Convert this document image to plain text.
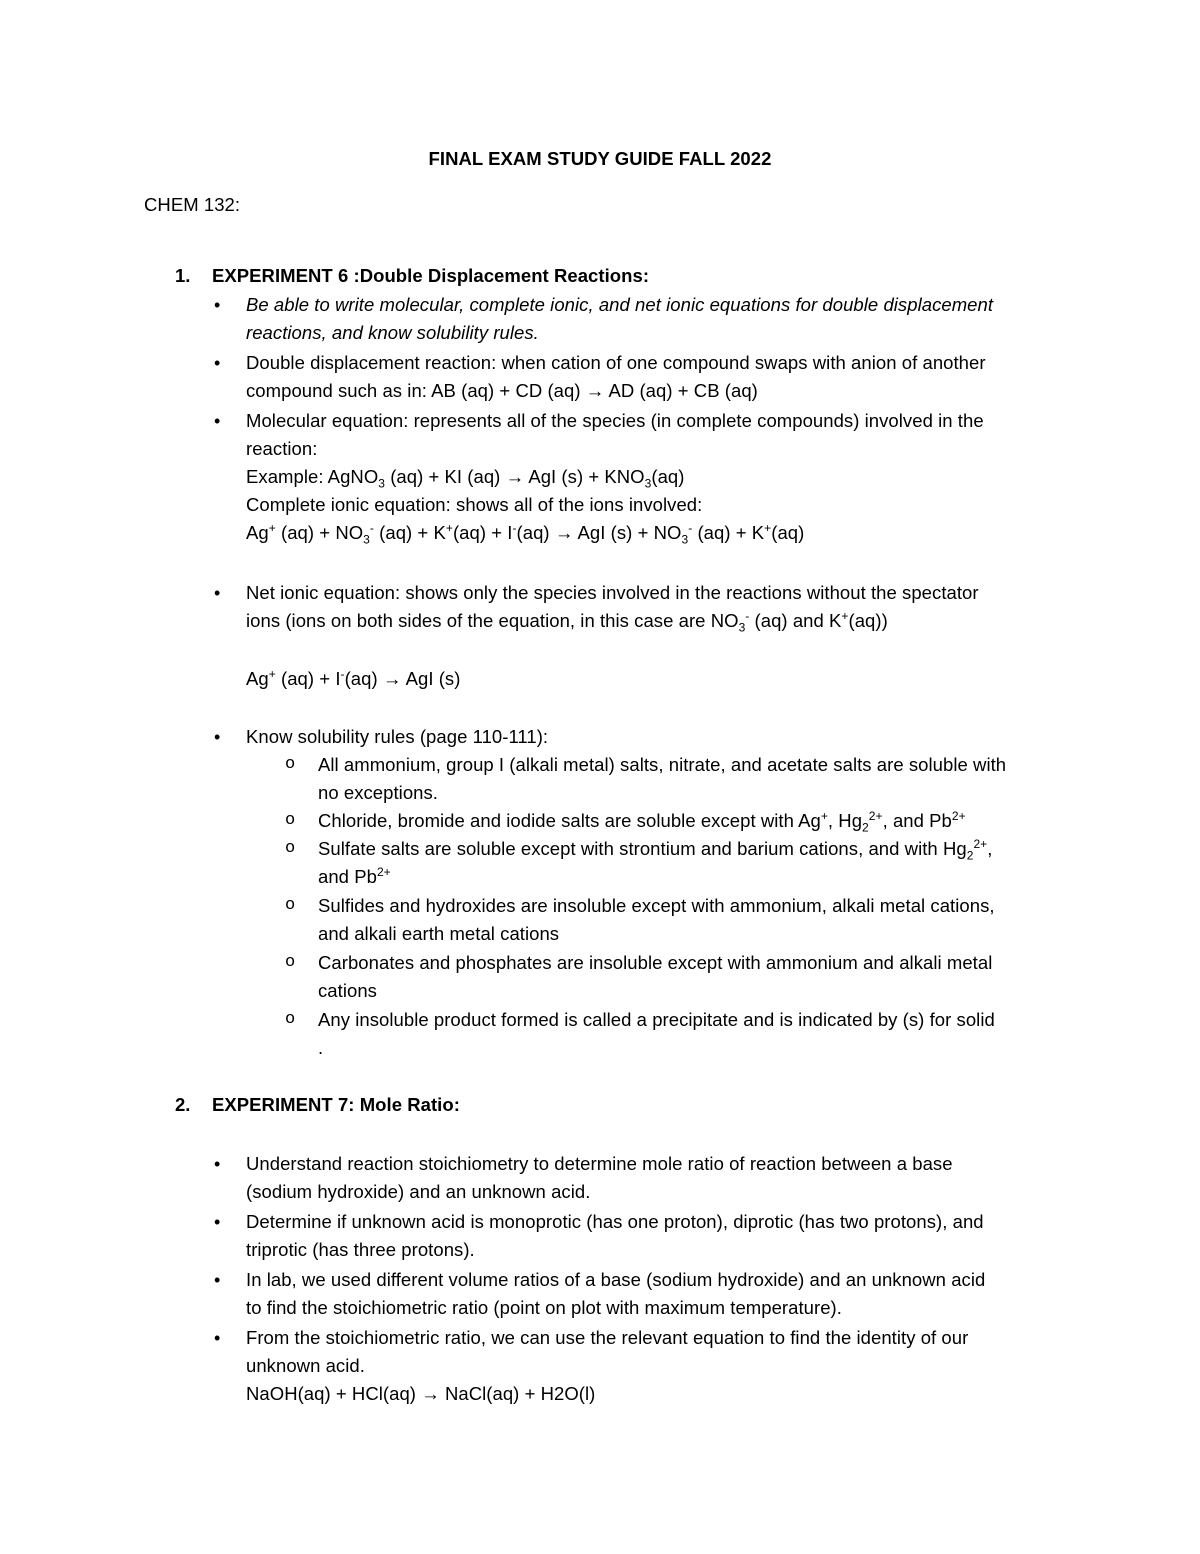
FINAL EXAM STUDY GUIDE FALL 2022
CHEM 132:
1. EXPERIMENT 6 :Double Displacement Reactions:
• Be able to write molecular, complete ionic, and net ionic equations for double displacement
reactions, and know solubility rules.
• Double displacement reaction: when cation of one compound swaps with anion of another
compound such as in: AB (aq) + CD (aq) → AD (aq) + CB (aq)
• Molecular equation: represents all of the species (in complete compounds) involved in the
reaction:
Example: AgNO$_3$ (aq) + KI (aq) → AgI $(s) + KNO_3(aq)$
Complete ionic equation: shows all of the ions involved:
Ag+ $(aq) + NO_3^-$ (aq) + K+(aq) + I-(aq) → AgI $(s) + NO_3^-$ (aq) + K+(aq)
• Net ionic equation: shows only the species involved in the reactions without the spectator
ions (ions on both sides of the equation, in this case are $NO_3^-$ (aq) and K+(aq))
Ag+ (aq) + I-(aq) → AgI (s)
• Know solubility rules (page 110-111):
o All ammonium, group I (alkali metal) salts, nitrate, and acetate salts are soluble with
no exceptions.
o Chloride, bromide and iodide salts are soluble except with Ag+, $Hg_2^{2+}$, and $Pb^{2+}$
o Sulfate salts are soluble except with strontium and barium cations, and with $Hg_2^{2+}$,
and $Pb^{2+}$
o Sulfides and hydroxides are insoluble except with ammonium, alkali metal cations,
and alkali earth metal cations
o Carbonates and phosphates are insoluble except with ammonium and alkali metal
cations
o Any insoluble product formed is called a precipitate and is indicated by (s) for solid
.
2. EXPERIMENT 7: Mole Ratio:
• Understand reaction stoichiometry to determine mole ratio of reaction between a base
(sodium hydroxide) and an unknown acid.
• Determine if unknown acid is monoprotic (has one proton), diprotic (has two protons), and
triprotic (has three protons).
• In lab, we used different volume ratios of a base (sodium hydroxide) and an unknown acid
to find the stoichiometric ratio (point on plot with maximum temperature).
• From the stoichiometric ratio, we can use the relevant equation to find the identity of our
unknown acid.
NaOH(aq) + HCl(aq) → NaCl(aq) + H2O(l)
